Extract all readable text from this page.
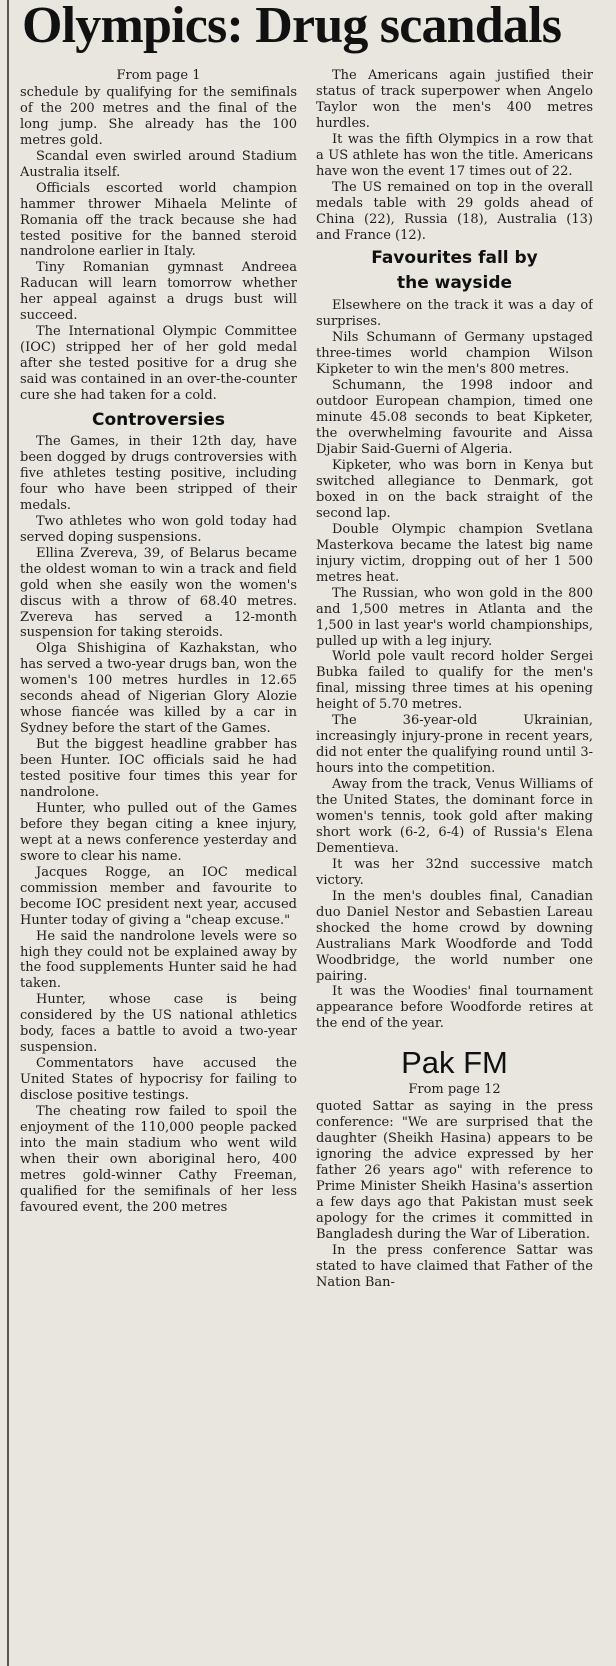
Olympics: Drug scandals

From page 1

schedule by qualifying for the semifinals of the 200 metres and the final of the long jump. She already has the 100 metres gold.

Scandal even swirled around Stadium Australia itself.

Officials escorted world champion hammer thrower Mihaela Melinte of Romania off the track because she had tested positive for the banned steroid nandrolone earlier in Italy.

Tiny Romanian gymnast Andreea Raducan will learn tomorrow whether her appeal against a drugs bust will succeed.

The International Olympic Committee (IOC) stripped her of her gold medal after she tested positive for a drug she said was contained in an over-the-counter cure she had taken for a cold.

Controversies

The Games, in their 12th day, have been dogged by drugs controversies with five athletes testing positive, including four who have been stripped of their medals.

Two athletes who won gold today had served doping suspensions.

Ellina Zvereva, 39, of Belarus became the oldest woman to win a track and field gold when she easily won the women's discus with a throw of 68.40 metres. Zvereva has served a 12-month suspension for taking steroids.

Olga Shishigina of Kazhakstan, who has served a two-year drugs ban, won the women's 100 metres hurdles in 12.65 seconds ahead of Nigerian Glory Alozie whose fiancée was killed by a car in Sydney before the start of the Games.

But the biggest headline grabber has been Hunter. IOC officials said he had tested positive four times this year for nandrolone.

Hunter, who pulled out of the Games before they began citing a knee injury, wept at a news conference yesterday and swore to clear his name.

Jacques Rogge, an IOC medical commission member and favourite to become IOC president next year, accused Hunter today of giving a "cheap excuse."

He said the nandrolone levels were so high they could not be explained away by the food supplements Hunter said he had taken.

Hunter, whose case is being considered by the US national athletics body, faces a battle to avoid a two-year suspension.

Commentators have accused the United States of hypocrisy for failing to disclose positive testings.

The cheating row failed to spoil the enjoyment of the 110,000 people packed into the main stadium who went wild when their own aboriginal hero, 400 metres gold-winner Cathy Freeman, qualified for the semifinals of her less favoured event, the 200 metres

The Americans again justified their status of track superpower when Angelo Taylor won the men's 400 metres hurdles.

It was the fifth Olympics in a row that a US athlete has won the title. Americans have won the event 17 times out of 22.

The US remained on top in the overall medals table with 29 golds ahead of China (22), Russia (18), Australia (13) and France (12).

Favourites fall by

the wayside

Elsewhere on the track it was a day of surprises.

Nils Schumann of Germany upstaged three-times world champion Wilson Kipketer to win the men's 800 metres.

Schumann, the 1998 indoor and outdoor European champion, timed one minute 45.08 seconds to beat Kipketer, the overwhelming favourite and Aissa Djabir Said-Guerni of Algeria.

Kipketer, who was born in Kenya but switched allegiance to Denmark, got boxed in on the back straight of the second lap.

Double Olympic champion Svetlana Masterkova became the latest big name injury victim, dropping out of her 1 500 metres heat.

The Russian, who won gold in the 800 and 1,500 metres in Atlanta and the 1,500 in last year's world championships, pulled up with a leg injury.

World pole vault record holder Sergei Bubka failed to qualify for the men's final, missing three times at his opening height of 5.70 metres.

The 36-year-old Ukrainian, increasingly injury-prone in recent years, did not enter the qualifying round until 3-hours into the competition.

Away from the track, Venus Williams of the United States, the dominant force in women's tennis, took gold after making short work (6-2, 6-4) of Russia's Elena Dementieva.

It was her 32nd successive match victory.

In the men's doubles final, Canadian duo Daniel Nestor and Sebastien Lareau shocked the home crowd by downing Australians Mark Woodforde and Todd Woodbridge, the world number one pairing.

It was the Woodies' final tournament appearance before Woodforde retires at the end of the year.

Pak FM

From page 12

quoted Sattar as saying in the press conference: "We are surprised that the daughter (Sheikh Hasina) appears to be ignoring the advice expressed by her father 26 years ago" with reference to Prime Minister Sheikh Hasina's assertion a few days ago that Pakistan must seek apology for the crimes it committed in Bangladesh during the War of Liberation.

In the press conference Sattar was stated to have claimed that Father of the Nation Ban-
